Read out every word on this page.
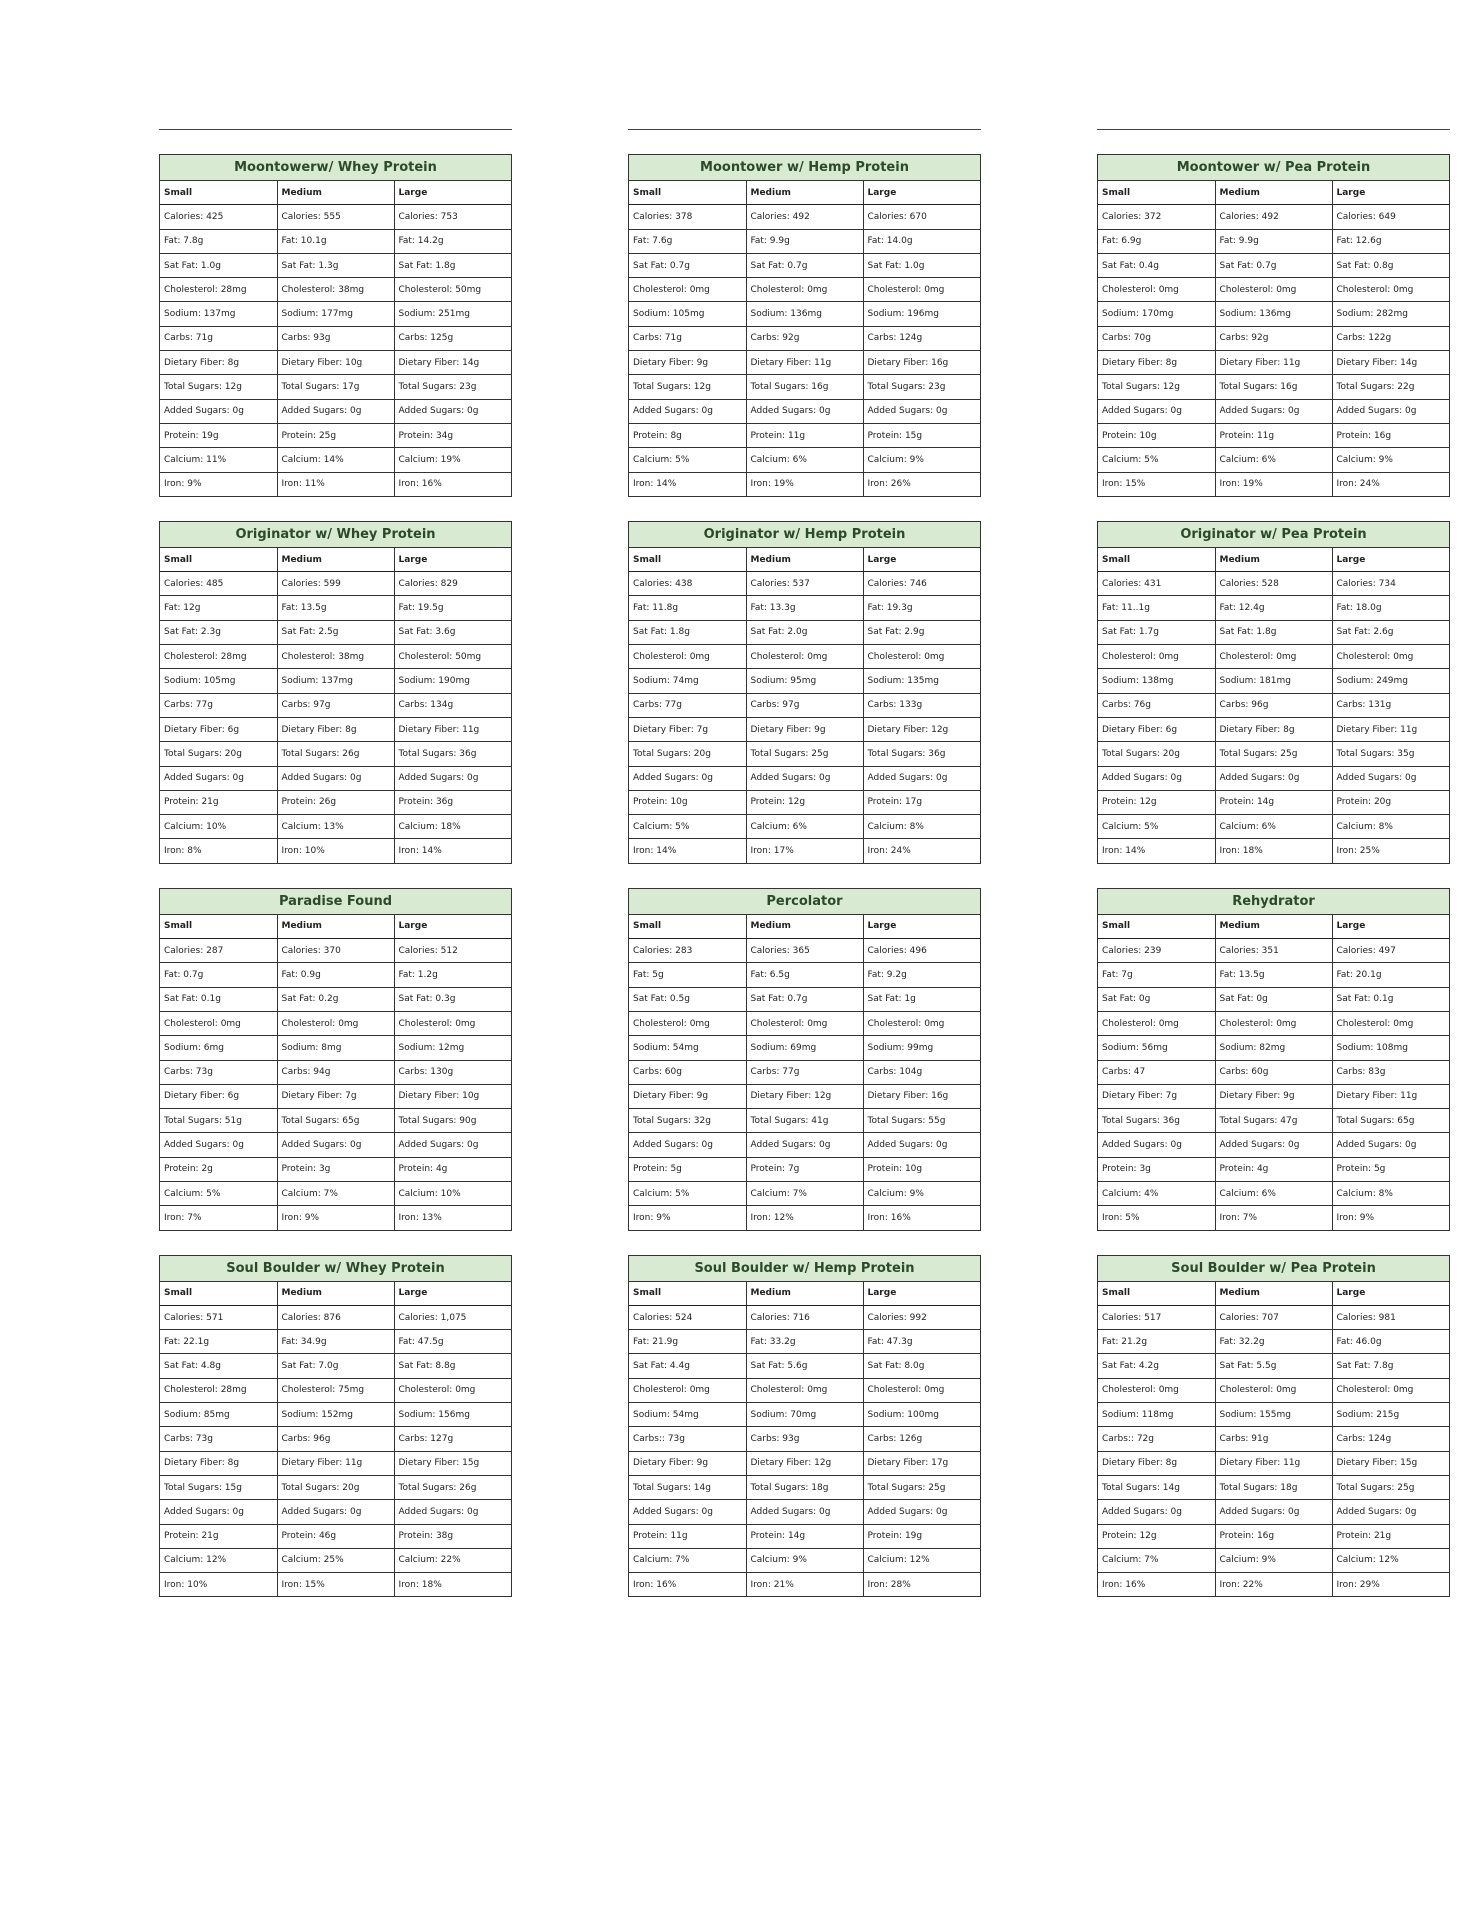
Moontowerw/ Whey Protein
Small	Medium	Large
Calories: 425	Calories: 555	Calories: 753
Fat: 7.8g	Fat: 10.1g	Fat: 14.2g
Sat Fat: 1.0g	Sat Fat: 1.3g	Sat Fat: 1.8g
Cholesterol: 28mg	Cholesterol: 38mg	Cholesterol: 50mg
Sodium: 137mg	Sodium: 177mg	Sodium: 251mg
Carbs: 71g	Carbs: 93g	Carbs: 125g
Dietary Fiber: 8g	Dietary Fiber: 10g	Dietary Fiber: 14g
Total Sugars: 12g	Total Sugars: 17g	Total Sugars: 23g
Added Sugars: 0g	Added Sugars: 0g	Added Sugars: 0g
Protein: 19g	Protein: 25g	Protein: 34g
Calcium: 11%	Calcium: 14%	Calcium: 19%
Iron: 9%	Iron: 11%	Iron: 16%
Moontower w/ Hemp Protein
Small	Medium	Large
Calories: 378	Calories: 492	Calories: 670
Fat: 7.6g	Fat: 9.9g	Fat: 14.0g
Sat Fat: 0.7g	Sat Fat: 0.7g	Sat Fat: 1.0g
Cholesterol: 0mg	Cholesterol: 0mg	Cholesterol: 0mg
Sodium: 105mg	Sodium: 136mg	Sodium: 196mg
Carbs: 71g	Carbs: 92g	Carbs: 124g
Dietary Fiber: 9g	Dietary Fiber: 11g	Dietary Fiber: 16g
Total Sugars: 12g	Total Sugars: 16g	Total Sugars: 23g
Added Sugars: 0g	Added Sugars: 0g	Added Sugars: 0g
Protein: 8g	Protein: 11g	Protein: 15g
Calcium: 5%	Calcium: 6%	Calcium: 9%
Iron: 14%	Iron: 19%	Iron: 26%
Moontower w/ Pea Protein
Small	Medium	Large
Calories: 372	Calories: 492	Calories: 649
Fat: 6.9g	Fat: 9.9g	Fat: 12.6g
Sat Fat: 0.4g	Sat Fat: 0.7g	Sat Fat: 0.8g
Cholesterol: 0mg	Cholesterol: 0mg	Cholesterol: 0mg
Sodium: 170mg	Sodium: 136mg	Sodium: 282mg
Carbs: 70g	Carbs: 92g	Carbs: 122g
Dietary Fiber: 8g	Dietary Fiber: 11g	Dietary Fiber: 14g
Total Sugars: 12g	Total Sugars: 16g	Total Sugars: 22g
Added Sugars: 0g	Added Sugars: 0g	Added Sugars: 0g
Protein: 10g	Protein: 11g	Protein: 16g
Calcium: 5%	Calcium: 6%	Calcium: 9%
Iron: 15%	Iron: 19%	Iron: 24%
Originator w/ Whey Protein
Small	Medium	Large
Calories: 485	Calories: 599	Calories: 829
Fat: 12g	Fat: 13.5g	Fat: 19.5g
Sat Fat: 2.3g	Sat Fat: 2.5g	Sat Fat: 3.6g
Cholesterol: 28mg	Cholesterol: 38mg	Cholesterol: 50mg
Sodium: 105mg	Sodium: 137mg	Sodium: 190mg
Carbs: 77g	Carbs: 97g	Carbs: 134g
Dietary Fiber: 6g	Dietary Fiber: 8g	Dietary Fiber: 11g
Total Sugars: 20g	Total Sugars: 26g	Total Sugars: 36g
Added Sugars: 0g	Added Sugars: 0g	Added Sugars: 0g
Protein: 21g	Protein: 26g	Protein: 36g
Calcium: 10%	Calcium: 13%	Calcium: 18%
Iron: 8%	Iron: 10%	Iron: 14%
Originator w/ Hemp Protein
Small	Medium	Large
Calories: 438	Calories: 537	Calories: 746
Fat: 11.8g	Fat: 13.3g	Fat: 19.3g
Sat Fat: 1.8g	Sat Fat: 2.0g	Sat Fat: 2.9g
Cholesterol: 0mg	Cholesterol: 0mg	Cholesterol: 0mg
Sodium: 74mg	Sodium: 95mg	Sodium: 135mg
Carbs: 77g	Carbs: 97g	Carbs: 133g
Dietary Fiber: 7g	Dietary Fiber: 9g	Dietary Fiber: 12g
Total Sugars: 20g	Total Sugars: 25g	Total Sugars: 36g
Added Sugars: 0g	Added Sugars: 0g	Added Sugars: 0g
Protein: 10g	Protein: 12g	Protein: 17g
Calcium: 5%	Calcium: 6%	Calcium: 8%
Iron: 14%	Iron: 17%	Iron: 24%
Originator w/ Pea Protein
Small	Medium	Large
Calories: 431	Calories: 528	Calories: 734
Fat: 11..1g	Fat: 12.4g	Fat: 18.0g
Sat Fat: 1.7g	Sat Fat: 1.8g	Sat Fat: 2.6g
Cholesterol: 0mg	Cholesterol: 0mg	Cholesterol: 0mg
Sodium: 138mg	Sodium: 181mg	Sodium: 249mg
Carbs: 76g	Carbs: 96g	Carbs: 131g
Dietary Fiber: 6g	Dietary Fiber: 8g	Dietary Fiber: 11g
Total Sugars: 20g	Total Sugars: 25g	Total Sugars: 35g
Added Sugars: 0g	Added Sugars: 0g	Added Sugars: 0g
Protein: 12g	Protein: 14g	Protein: 20g
Calcium: 5%	Calcium: 6%	Calcium: 8%
Iron: 14%	Iron: 18%	Iron: 25%
Paradise Found
Small	Medium	Large
Calories: 287	Calories: 370	Calories: 512
Fat: 0.7g	Fat: 0.9g	Fat: 1.2g
Sat Fat: 0.1g	Sat Fat: 0.2g	Sat Fat: 0.3g
Cholesterol: 0mg	Cholesterol: 0mg	Cholesterol: 0mg
Sodium: 6mg	Sodium: 8mg	Sodium: 12mg
Carbs: 73g	Carbs: 94g	Carbs: 130g
Dietary Fiber: 6g	Dietary Fiber: 7g	Dietary Fiber: 10g
Total Sugars: 51g	Total Sugars: 65g	Total Sugars: 90g
Added Sugars: 0g	Added Sugars: 0g	Added Sugars: 0g
Protein: 2g	Protein: 3g	Protein: 4g
Calcium: 5%	Calcium: 7%	Calcium: 10%
Iron: 7%	Iron: 9%	Iron: 13%
Percolator
Small	Medium	Large
Calories: 283	Calories: 365	Calories: 496
Fat: 5g	Fat: 6.5g	Fat: 9.2g
Sat Fat: 0.5g	Sat Fat: 0.7g	Sat Fat: 1g
Cholesterol: 0mg	Cholesterol: 0mg	Cholesterol: 0mg
Sodium: 54mg	Sodium: 69mg	Sodium: 99mg
Carbs: 60g	Carbs: 77g	Carbs: 104g
Dietary Fiber: 9g	Dietary Fiber: 12g	Dietary Fiber: 16g
Total Sugars: 32g	Total Sugars: 41g	Total Sugars: 55g
Added Sugars: 0g	Added Sugars: 0g	Added Sugars: 0g
Protein: 5g	Protein: 7g	Protein: 10g
Calcium: 5%	Calcium: 7%	Calcium: 9%
Iron: 9%	Iron: 12%	Iron: 16%
Rehydrator
Small	Medium	Large
Calories: 239	Calories: 351	Calories: 497
Fat: 7g	Fat: 13.5g	Fat: 20.1g
Sat Fat: 0g	Sat Fat: 0g	Sat Fat: 0.1g
Cholesterol: 0mg	Cholesterol: 0mg	Cholesterol: 0mg
Sodium: 56mg	Sodium: 82mg	Sodium: 108mg
Carbs: 47	Carbs: 60g	Carbs: 83g
Dietary Fiber: 7g	Dietary Fiber: 9g	Dietary Fiber: 11g
Total Sugars: 36g	Total Sugars: 47g	Total Sugars: 65g
Added Sugars: 0g	Added Sugars: 0g	Added Sugars: 0g
Protein: 3g	Protein: 4g	Protein: 5g
Calcium: 4%	Calcium: 6%	Calcium: 8%
Iron: 5%	Iron: 7%	Iron: 9%
Soul Boulder w/ Whey Protein
Small	Medium	Large
Calories: 571	Calories: 876	Calories: 1,075
Fat: 22.1g	Fat: 34.9g	Fat: 47.5g
Sat Fat: 4.8g	Sat Fat: 7.0g	Sat Fat: 8.8g
Cholesterol: 28mg	Cholesterol: 75mg	Cholesterol: 0mg
Sodium: 85mg	Sodium: 152mg	Sodium: 156mg
Carbs: 73g	Carbs: 96g	Carbs: 127g
Dietary Fiber: 8g	Dietary Fiber: 11g	Dietary Fiber: 15g
Total Sugars: 15g	Total Sugars: 20g	Total Sugars: 26g
Added Sugars: 0g	Added Sugars: 0g	Added Sugars: 0g
Protein: 21g	Protein: 46g	Protein: 38g
Calcium: 12%	Calcium: 25%	Calcium: 22%
Iron: 10%	Iron: 15%	Iron: 18%
Soul Boulder w/ Hemp Protein
Small	Medium	Large
Calories: 524	Calories: 716	Calories: 992
Fat: 21.9g	Fat: 33.2g	Fat: 47.3g
Sat Fat: 4.4g	Sat Fat: 5.6g	Sat Fat: 8.0g
Cholesterol: 0mg	Cholesterol: 0mg	Cholesterol: 0mg
Sodium: 54mg	Sodium: 70mg	Sodium: 100mg
Carbs:: 73g	Carbs: 93g	Carbs: 126g
Dietary Fiber: 9g	Dietary Fiber: 12g	Dietary Fiber: 17g
Total Sugars: 14g	Total Sugars: 18g	Total Sugars: 25g
Added Sugars: 0g	Added Sugars: 0g	Added Sugars: 0g
Protein: 11g	Protein: 14g	Protein: 19g
Calcium: 7%	Calcium: 9%	Calcium: 12%
Iron: 16%	Iron: 21%	Iron: 28%
Soul Boulder w/ Pea Protein
Small	Medium	Large
Calories: 517	Calories: 707	Calories: 981
Fat: 21.2g	Fat: 32.2g	Fat: 46.0g
Sat Fat: 4.2g	Sat Fat: 5.5g	Sat Fat: 7.8g
Cholesterol: 0mg	Cholesterol: 0mg	Cholesterol: 0mg
Sodium: 118mg	Sodium: 155mg	Sodium: 215g
Carbs:: 72g	Carbs: 91g	Carbs: 124g
Dietary Fiber: 8g	Dietary Fiber: 11g	Dietary Fiber: 15g
Total Sugars: 14g	Total Sugars: 18g	Total Sugars: 25g
Added Sugars: 0g	Added Sugars: 0g	Added Sugars: 0g
Protein: 12g	Protein: 16g	Protein: 21g
Calcium: 7%	Calcium: 9%	Calcium: 12%
Iron: 16%	Iron: 22%	Iron: 29%
